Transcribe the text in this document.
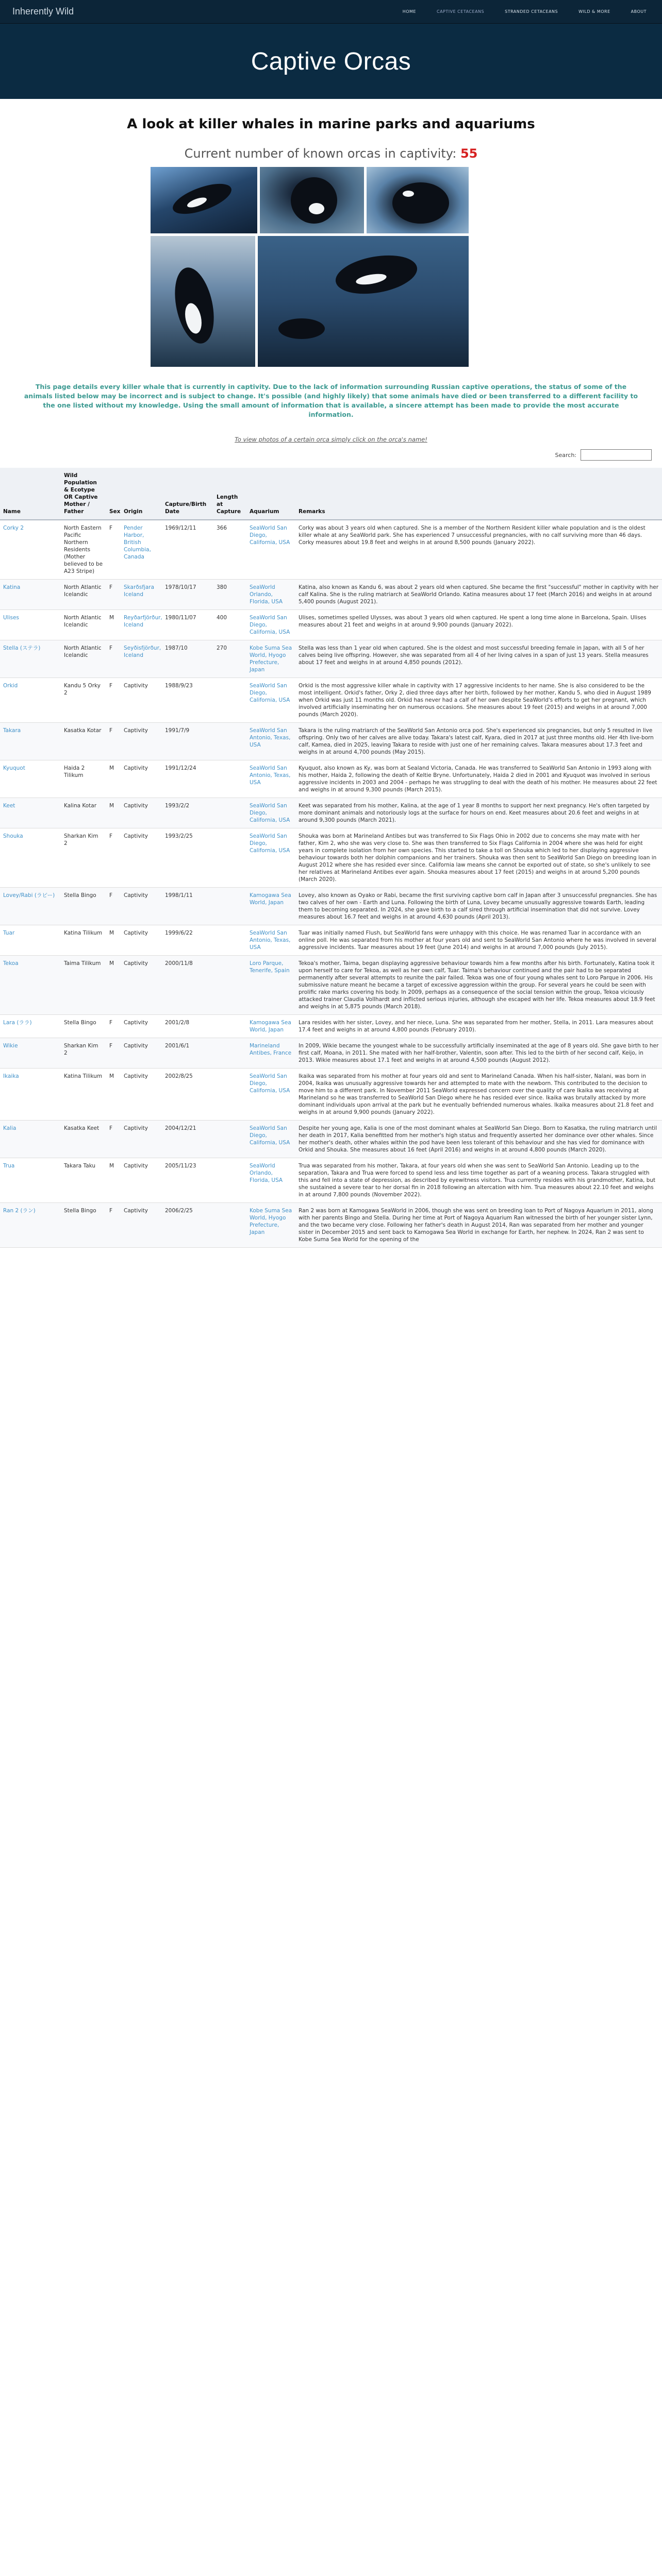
Inherently Wild	HOME	CAPTIVE CETACEANS	STRANDED CETACEANS	WILD & MORE	ABOUT
Captive Orcas
A look at killer whales in marine parks and aquariums
Current number of known orcas in captivity: 55

This page details every killer whale that is currently in captivity. Due to the lack of information surrounding Russian captive operations, the status of some of the animals listed below may be incorrect and is subject to change. It's possible (and highly likely) that some animals have died or been transferred to a different facility to the one listed without my knowledge. Using the small amount of information that is available, a sincere attempt has been made to provide the most accurate information.

To view photos of a certain orca simply click on the orca's name!

Search:
Name	Wild Population & Ecotype OR Captive Mother / Father	Sex	Origin	Capture/Birth Date	Length at Capture	Aquarium	Remarks
Corky 2	North Eastern Pacific Northern Residents (Mother believed to be A23 Stripe)	F	Pender Harbor, British Columbia, Canada	1969/12/11	366	SeaWorld San Diego, California, USA	Corky was about 3 years old when captured. She is a member of the Northern Resident killer whale population and is the oldest killer whale at any SeaWorld park. She has experienced 7 unsuccessful pregnancies, with no calf surviving more than 46 days. Corky measures about 19.8 feet and weighs in at around 8,500 pounds (January 2022).
Katina	North Atlantic Icelandic	F	Skarðsfjara Iceland	1978/10/17	380	SeaWorld Orlando, Florida, USA	Katina, also known as Kandu 6, was about 2 years old when captured. She became the first "successful" mother in captivity with her calf Kalina. She is the ruling matriarch at SeaWorld Orlando. Katina measures about 17 feet (March 2016) and weighs in at around 5,400 pounds (August 2021).
Ulises	North Atlantic Icelandic	M	Reyðarfjörður, Iceland	1980/11/07	400	SeaWorld San Diego, California, USA	Ulises, sometimes spelled Ulysses, was about 3 years old when captured. He spent a long time alone in Barcelona, Spain. Ulises measures about 21 feet and weighs in at around 9,900 pounds (January 2022).
Stella (ステラ)	North Atlantic Icelandic	F	Seyðisfjörður, Iceland	1987/10	270	Kobe Suma Sea World, Hyogo Prefecture, Japan	Stella was less than 1 year old when captured. She is the oldest and most successful breeding female in Japan, with all 5 of her calves being live offspring. However, she was separated from all 4 of her living calves in a span of just 13 years. Stella measures about 17 feet and weighs in at around 4,850 pounds (2012).
Orkid	Kandu 5 Orky 2	F	Captivity	1988/9/23		SeaWorld San Diego, California, USA	Orkid is the most aggressive killer whale in captivity with 17 aggressive incidents to her name. She is also considered to be the most intelligent. Orkid's father, Orky 2, died three days after her birth, followed by her mother, Kandu 5, who died in August 1989 when Orkid was just 11 months old. Orkid has never had a calf of her own despite SeaWorld's efforts to get her pregnant, which involved artificially inseminating her on numerous occasions. She measures about 19 feet (2015) and weighs in at around 7,000 pounds (March 2020).
Takara	Kasatka Kotar	F	Captivity	1991/7/9		SeaWorld San Antonio, Texas, USA	Takara is the ruling matriarch of the SeaWorld San Antonio orca pod. She's experienced six pregnancies, but only 5 resulted in live offspring. Only two of her calves are alive today. Takara's latest calf, Kyara, died in 2017 at just three months old. Her 4th live-born calf, Kamea, died in 2025, leaving Takara to reside with just one of her remaining calves. Takara measures about 17.3 feet and weighs in at around 4,700 pounds (May 2015).
Kyuquot	Haida 2 Tilikum	M	Captivity	1991/12/24		SeaWorld San Antonio, Texas, USA	Kyuquot, also known as Ky, was born at Sealand Victoria, Canada. He was transferred to SeaWorld San Antonio in 1993 along with his mother, Haida 2, following the death of Keltie Bryne. Unfortunately, Haida 2 died in 2001 and Kyuquot was involved in serious aggressive incidents in 2003 and 2004 - perhaps he was struggling to deal with the death of his mother. He measures about 22 feet and weighs in at around 9,300 pounds (March 2015).
Keet	Kalina Kotar	M	Captivity	1993/2/2		SeaWorld San Diego, California, USA	Keet was separated from his mother, Kalina, at the age of 1 year 8 months to support her next pregnancy. He's often targeted by more dominant animals and notoriously logs at the surface for hours on end. Keet measures about 20.6 feet and weighs in at around 9,300 pounds (March 2021).
Shouka	Sharkan Kim 2	F	Captivity	1993/2/25		SeaWorld San Diego, California, USA	Shouka was born at Marineland Antibes but was transferred to Six Flags Ohio in 2002 due to concerns she may mate with her father, Kim 2, who she was very close to. She was then transferred to Six Flags California in 2004 where she was held for eight years in complete isolation from her own species. This started to take a toll on Shouka which led to her displaying aggressive behaviour towards both her dolphin companions and her trainers. Shouka was then sent to SeaWorld San Diego on breeding loan in August 2012 where she has resided ever since. California law means she cannot be exported out of state, so she's unlikely to see her relatives at Marineland Antibes ever again. Shouka measures about 17 feet (2015) and weighs in at around 5,200 pounds (March 2020).
Lovey/Rabi (ラビー)	Stella Bingo	F	Captivity	1998/1/11		Kamogawa Sea World, Japan	Lovey, also known as Oyako or Rabi, became the first surviving captive born calf in Japan after 3 unsuccessful pregnancies. She has two calves of her own - Earth and Luna. Following the birth of Luna, Lovey became unusually aggressive towards Earth, leading them to becoming separated. In 2024, she gave birth to a calf sired through artificial insemination that did not survive. Lovey measures about 16.7 feet and weighs in at around 4,630 pounds (April 2013).
Tuar	Katina Tilikum	M	Captivity	1999/6/22		SeaWorld San Antonio, Texas, USA	Tuar was initially named Flush, but SeaWorld fans were unhappy with this choice. He was renamed Tuar in accordance with an online poll. He was separated from his mother at four years old and sent to SeaWorld San Antonio where he was involved in several aggressive incidents. Tuar measures about 19 feet (June 2014) and weighs in at around 7,000 pounds (July 2015).
Tekoa	Taima Tilikum	M	Captivity	2000/11/8		Loro Parque, Tenerife, Spain	Tekoa's mother, Taima, began displaying aggressive behaviour towards him a few months after his birth. Fortunately, Katina took it upon herself to care for Tekoa, as well as her own calf, Tuar. Taima's behaviour continued and the pair had to be separated permanently after several attempts to reunite the pair failed. Tekoa was one of four young whales sent to Loro Parque in 2006. His submissive nature meant he became a target of excessive aggression within the group. For several years he could be seen with prolific rake marks covering his body. In 2009, perhaps as a consequence of the social tension within the group, Tekoa viciously attacked trainer Claudia Vollhardt and inflicted serious injuries, although she escaped with her life. Tekoa measures about 18.9 feet and weighs in at 5,875 pounds (March 2018).
Lara (ララ)	Stella Bingo	F	Captivity	2001/2/8		Kamogawa Sea World, Japan	Lara resides with her sister, Lovey, and her niece, Luna. She was separated from her mother, Stella, in 2011. Lara measures about 17.4 feet and weighs in at around 4,800 pounds (February 2010).
Wikie	Sharkan Kim 2	F	Captivity	2001/6/1		Marineland Antibes, France	In 2009, Wikie became the youngest whale to be successfully artificially inseminated at the age of 8 years old. She gave birth to her first calf, Moana, in 2011. She mated with her half-brother, Valentin, soon after. This led to the birth of her second calf, Keijo, in 2013. Wikie measures about 17.1 feet and weighs in at around 4,500 pounds (August 2012).
Ikaika	Katina Tilikum	M	Captivity	2002/8/25		SeaWorld San Diego, California, USA	Ikaika was separated from his mother at four years old and sent to Marineland Canada. When his half-sister, Nalani, was born in 2004, Ikaika was unusually aggressive towards her and attempted to mate with the newborn. This contributed to the decision to move him to a different park. In November 2011 SeaWorld expressed concern over the quality of care Ikaika was receiving at Marineland so he was transferred to SeaWorld San Diego where he has resided ever since. Ikaika was brutally attacked by more dominant individuals upon arrival at the park but he eventually befriended numerous whales. Ikaika measures about 21.8 feet and weighs in at around 9,900 pounds (January 2022).
Kalia	Kasatka Keet	F	Captivity	2004/12/21		SeaWorld San Diego, California, USA	Despite her young age, Kalia is one of the most dominant whales at SeaWorld San Diego. Born to Kasatka, the ruling matriarch until her death in 2017, Kalia benefitted from her mother's high status and frequently asserted her dominance over other whales. Since her mother's death, other whales within the pod have been less tolerant of this behaviour and she has vied for dominance with Orkid and Shouka. She measures about 16 feet (April 2016) and weighs in at around 4,800 pounds (March 2020).
Trua	Takara Taku	M	Captivity	2005/11/23		SeaWorld Orlando, Florida, USA	Trua was separated from his mother, Takara, at four years old when she was sent to SeaWorld San Antonio. Leading up to the separation, Takara and Trua were forced to spend less and less time together as part of a weaning process. Takara struggled with this and fell into a state of depression, as described by eyewitness visitors. Trua currently resides with his grandmother, Katina, but she sustained a severe tear to her dorsal fin in 2018 following an altercation with him. Trua measures about 22.10 feet and weighs in at around 7,800 pounds (November 2022).
Ran 2 (ラン)	Stella Bingo	F	Captivity	2006/2/25		Kobe Suma Sea World, Hyogo Prefecture, Japan	Ran 2 was born at Kamogawa SeaWorld in 2006, though she was sent on breeding loan to Port of Nagoya Aquarium in 2011, along with her parents Bingo and Stella. During her time at Port of Nagoya Aquarium Ran witnessed the birth of her younger sister Lynn, and the two became very close. Following her father's death in August 2014, Ran was separated from her mother and younger sister in December 2015 and sent back to Kamogawa Sea World in exchange for Earth, her nephew. In 2024, Ran 2 was sent to Kobe Suma Sea World for the opening of the
